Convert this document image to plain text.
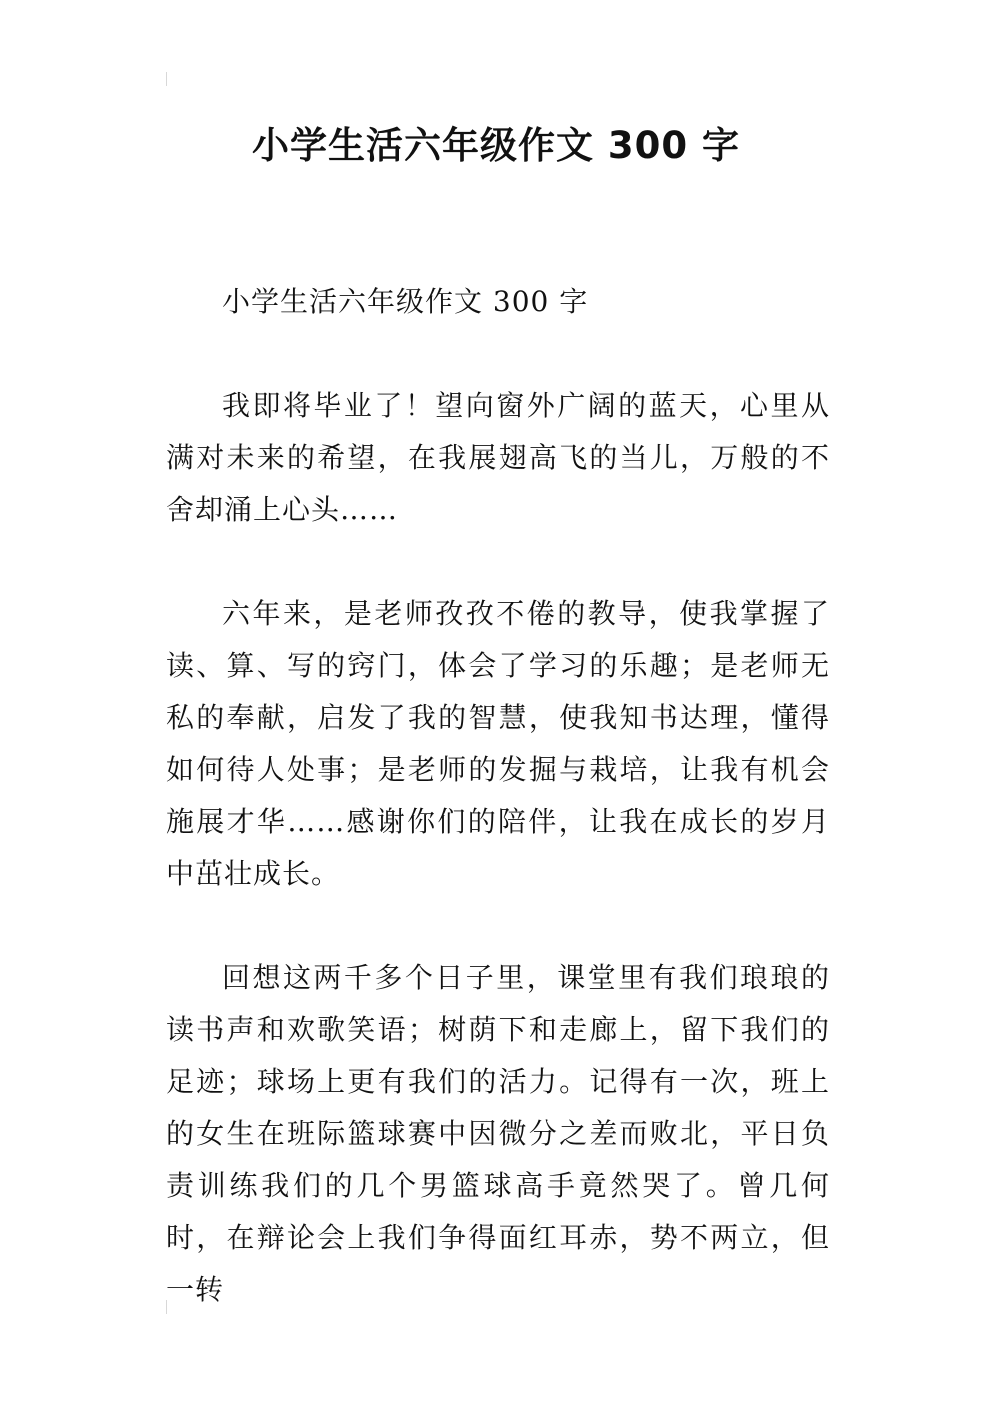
小学生活六年级作文 300 字

小学生活六年级作文 300 字

我即将毕业了！望向窗外广阔的蓝天，心里从满对未来的希望，在我展翅高飞的当儿，万般的不舍却涌上心头……

六年来，是老师孜孜不倦的教导，使我掌握了读、算、写的窍门，体会了学习的乐趣；是老师无私的奉献，启发了我的智慧，使我知书达理，懂得如何待人处事；是老师的发掘与栽培，让我有机会施展才华……感谢你们的陪伴，让我在成长的岁月中茁壮成长。

回想这两千多个日子里，课堂里有我们琅琅的读书声和欢歌笑语；树荫下和走廊上，留下我们的足迹；球场上更有我们的活力。记得有一次，班上的女生在班际篮球赛中因微分之差而败北，平日负责训练我们的几个男篮球高手竟然哭了。曾几何时，在辩论会上我们争得面红耳赤，势不两立，但一转
